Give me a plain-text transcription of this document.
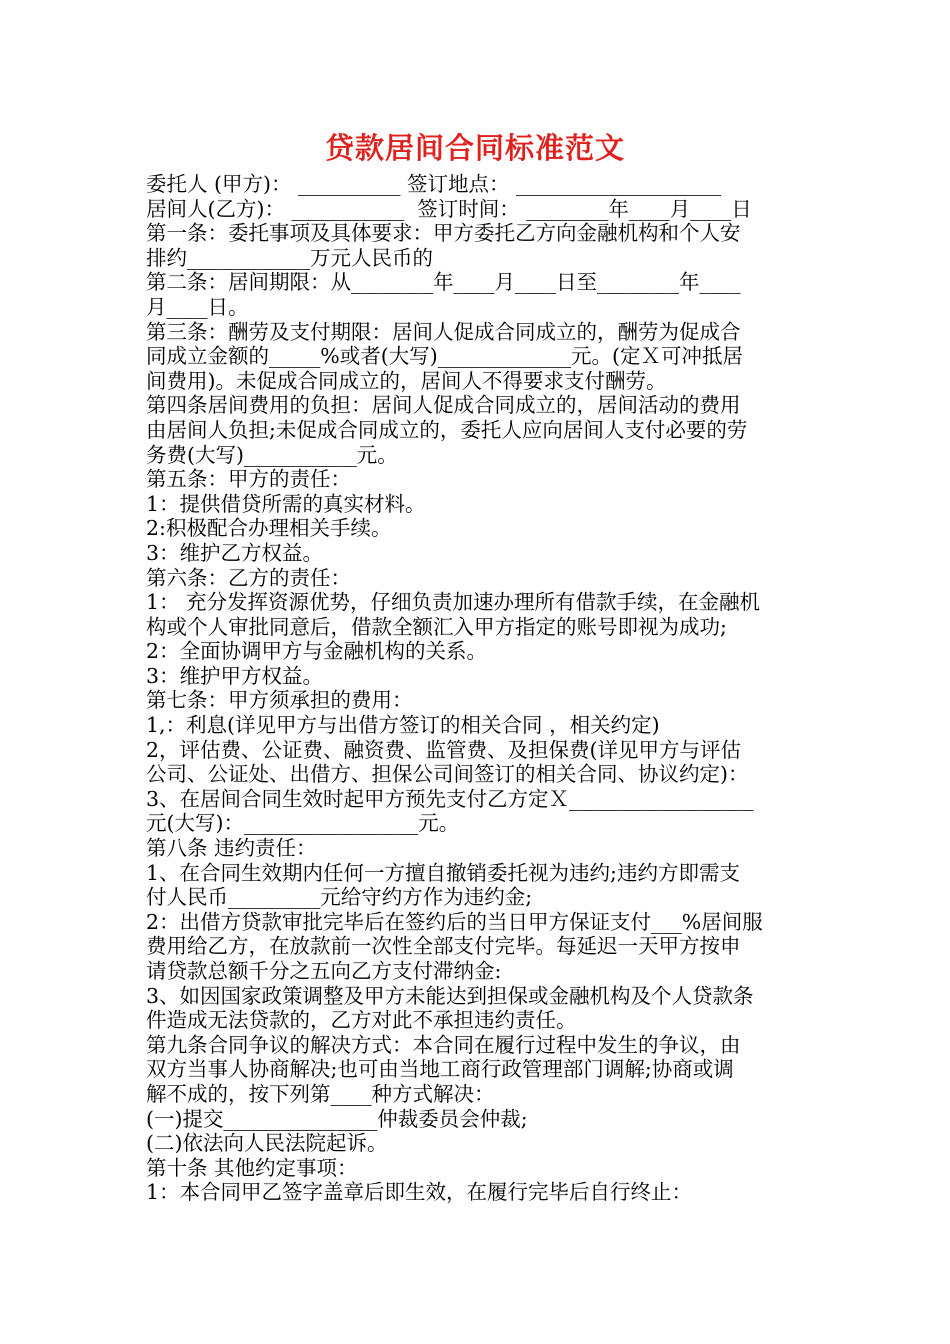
贷款居间合同标准范文
委托人 (甲方)： __________ 签订地点： ____________________
居间人(乙方)： ___________  签订时间： ________年____月____日
第一条：委托事项及具体要求：甲方委托乙方向金融机构和个人安
排约____________万元人民币的
第二条：居间期限：从________年____月____日至________年____
月____日。
第三条：酬劳及支付期限：居间人促成合同成立的，酬劳为促成合
同成立金额的_____%或者(大写)_____________元。(定Ｘ可冲抵居
间费用)。未促成合同成立的，居间人不得要求支付酬劳。
第四条居间费用的负担：居间人促成合同成立的，居间活动的费用
由居间人负担;未促成合同成立的，委托人应向居间人支付必要的劳
务费(大写)___________元。
第五条：甲方的责任：
1：提供借贷所需的真实材料。
2:积极配合办理相关手续。
3：维护乙方权益。
第六条：乙方的责任：
1： 充分发挥资源优势，仔细负责加速办理所有借款手续，在金融机
构或个人审批同意后，借款全额汇入甲方指定的账号即视为成功;
2：全面协调甲方与金融机构的关系。
3：维护甲方权益。
第七条：甲方须承担的费用：
1,：利息(详见甲方与出借方签订的相关合同 ，相关约定)
2，评估费、公证费、融资费、监管费、及担保费(详见甲方与评估
公司、公证处、出借方、担保公司间签订的相关合同、协议约定)：
3、在居间合同生效时起甲方预先支付乙方定Ｘ__________________
元(大写)：_________________元。
第八条 违约责任：
1、在合同生效期内任何一方擅自撤销委托视为违约;违约方即需支
付人民币_________元给守约方作为违约金;
2：出借方贷款审批完毕后在签约后的当日甲方保证支付___%居间服
费用给乙方，在放款前一次性全部支付完毕。每延迟一天甲方按申
请贷款总额千分之五向乙方支付滞纳金:
3、如因国家政策调整及甲方未能达到担保或金融机构及个人贷款条
件造成无法贷款的，乙方对此不承担违约责任。
第九条合同争议的解决方式：本合同在履行过程中发生的争议，由
双方当事人协商解决;也可由当地工商行政管理部门调解;协商或调
解不成的，按下列第____种方式解决：
(一)提交_______________仲裁委员会仲裁;
(二)依法向人民法院起诉。
第十条 其他约定事项：
1：本合同甲乙签字盖章后即生效，在履行完毕后自行终止：
